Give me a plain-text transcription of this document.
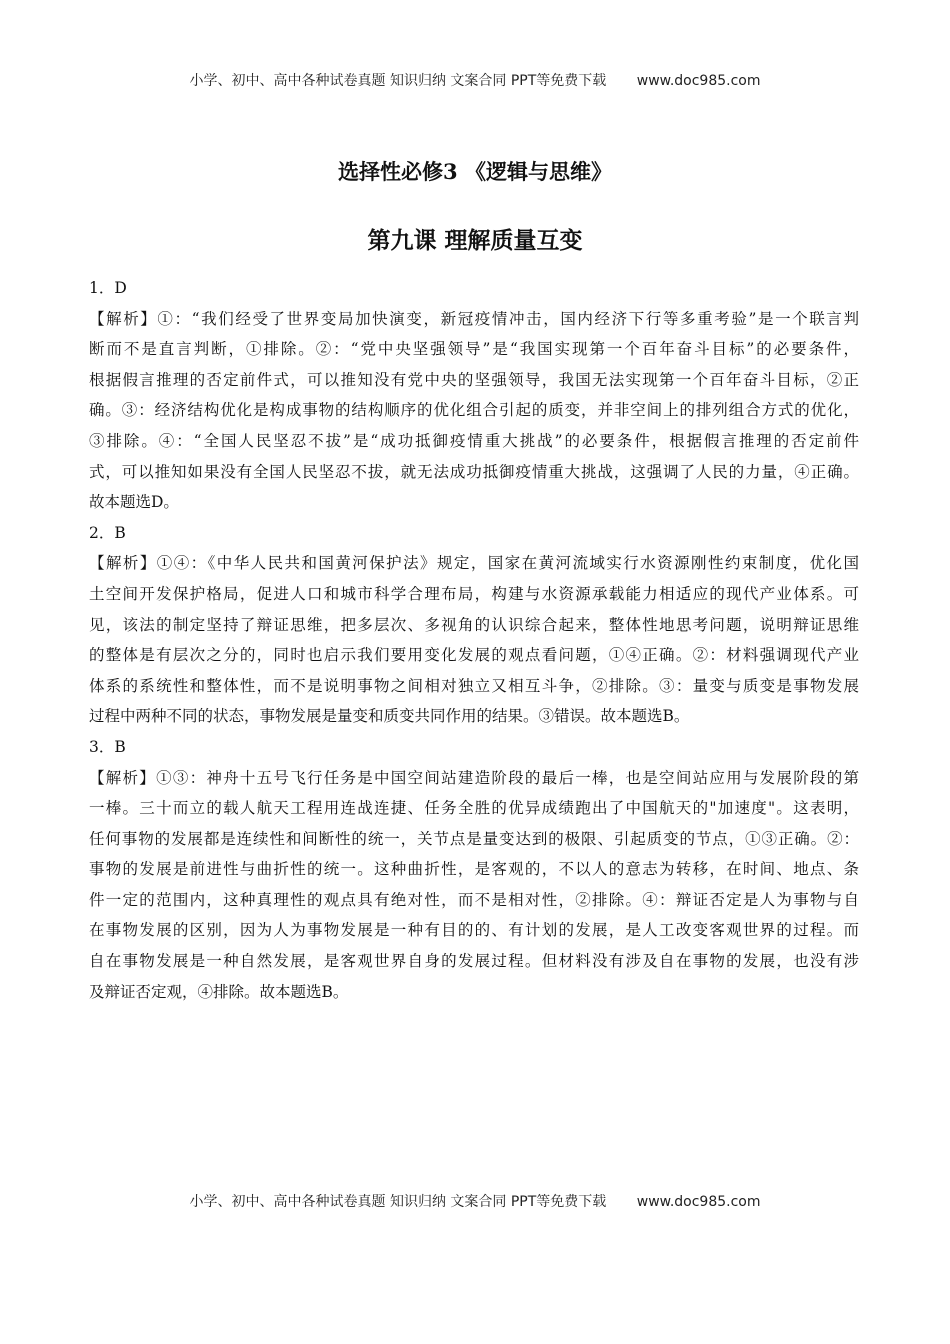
小学、初中、高中各种试卷真题 知识归纳 文案合同 PPT等免费下载 www.doc985.com
选择性必修3 《逻辑与思维》
第九课 理解质量互变
1．D
【解析】①：“我们经受了世界变局加快演变，新冠疫情冲击，国内经济下行等多重考验”是一个联言判
断而不是直言判断，①排除。②：“党中央坚强领导”是“我国实现第一个百年奋斗目标”的必要条件，
根据假言推理的否定前件式，可以推知没有党中央的坚强领导，我国无法实现第一个百年奋斗目标，②正
确。③：经济结构优化是构成事物的结构顺序的优化组合引起的质变，并非空间上的排列组合方式的优化，
③排除。④：“全国人民坚忍不拔”是“成功抵御疫情重大挑战”的必要条件，根据假言推理的否定前件
式，可以推知如果没有全国人民坚忍不拔，就无法成功抵御疫情重大挑战，这强调了人民的力量，④正确。
故本题选D。
2．B
【解析】①④：《中华人民共和国黄河保护法》规定，国家在黄河流域实行水资源刚性约束制度，优化国
土空间开发保护格局，促进人口和城市科学合理布局，构建与水资源承载能力相适应的现代产业体系。可
见，该法的制定坚持了辩证思维，把多层次、多视角的认识综合起来，整体性地思考问题，说明辩证思维
的整体是有层次之分的，同时也启示我们要用变化发展的观点看问题，①④正确。②：材料强调现代产业
体系的系统性和整体性，而不是说明事物之间相对独立又相互斗争，②排除。③：量变与质变是事物发展
过程中两种不同的状态，事物发展是量变和质变共同作用的结果。③错误。故本题选B。
3．B
【解析】①③：神舟十五号飞行任务是中国空间站建造阶段的最后一棒，也是空间站应用与发展阶段的第
一棒。三十而立的载人航天工程用连战连捷、任务全胜的优异成绩跑出了中国航天的"加速度"。这表明，
任何事物的发展都是连续性和间断性的统一，关节点是量变达到的极限、引起质变的节点，①③正确。②：
事物的发展是前进性与曲折性的统一。这种曲折性，是客观的，不以人的意志为转移，在时间、地点、条
件一定的范围内，这种真理性的观点具有绝对性，而不是相对性，②排除。④：辩证否定是人为事物与自
在事物发展的区别，因为人为事物发展是一种有目的的、有计划的发展，是人工改变客观世界的过程。而
自在事物发展是一种自然发展，是客观世界自身的发展过程。但材料没有涉及自在事物的发展，也没有涉
及辩证否定观，④排除。故本题选B。
小学、初中、高中各种试卷真题 知识归纳 文案合同 PPT等免费下载 www.doc985.com
